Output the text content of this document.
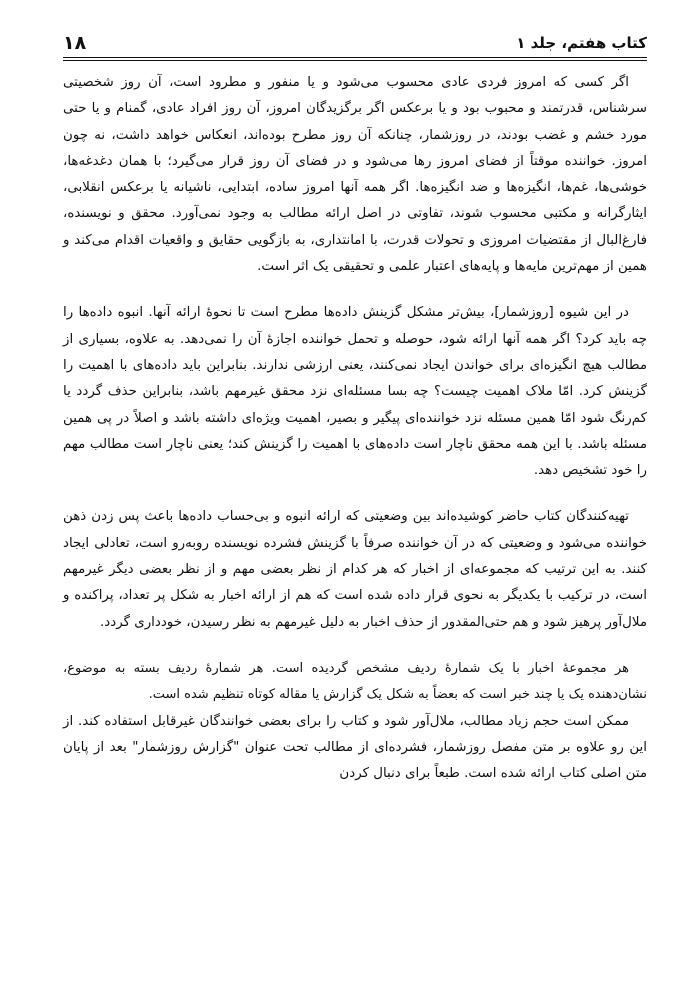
۱۸	کتاب هفتم، جلد ۱

اگر کسی که امروز فردی عادی محسوب می‌شود و یا منفور و مطرود است، آن روز شخصیتی سرشناس، قدرتمند و محبوب بود و یا برعکس اگر برگزیدگان امروز، آن روز افراد عادی، گمنام و یا حتی مورد خشم و غضب بودند، در روزشمار، چنانکه آن روز مطرح بوده‌اند، انعکاس خواهد داشت، نه چون امروز. خواننده موقتاً از فضای امروز رها می‌شود و در فضای آن روز قرار می‌گیرد؛ با همان دغدغه‌ها، خوشی‌ها، غم‌ها، انگیزه‌ها و ضد انگیزه‌ها. اگر همه آنها امروز ساده، ابتدایی، ناشیانه یا برعکس انقلابی، ایثارگرانه و مکتبی محسوب شوند، تفاوتی در اصل ارائه مطالب به وجود نمی‌آورد. محقق و نویسنده، فارغ‌البال از مقتضیات امروزی و تحولات قدرت، با امانتداری، به بازگویی حقایق و واقعیات اقدام می‌کند و همین از مهم‌ترین مایه‌ها و پایه‌های اعتبار علمی و تحقیقی یک اثر است.

در این شیوه [روزشمار]، بیش‌تر مشکل گزینش داده‌ها مطرح است تا نحوهٔ ارائه آنها. انبوه داده‌ها را چه باید کرد؟ اگر همه آنها ارائه شود، حوصله و تحمل خواننده اجازهٔ آن را نمی‌دهد. به علاوه، بسیاری از مطالب هیچ انگیزه‌ای برای خواندن ایجاد نمی‌کنند، یعنی ارزشی ندارند. بنابراین باید داده‌های با اهمیت را گزینش کرد. امّا ملاک اهمیت چیست؟ چه بسا مسئله‌ای نزد محقق غیرمهم باشد، بنابراین حذف گردد یا کم‌رنگ شود امّا همین مسئله نزد خواننده‌ای پیگیر و بصیر، اهمیت ویژه‌ای داشته باشد و اصلاً در پی همین مسئله باشد. با این همه محقق ناچار است داده‌های با اهمیت را گزینش کند؛ یعنی ناچار است مطالب مهم را خود تشخیص دهد.

تهیه‌کنندگان کتاب حاضر کوشیده‌اند بین وضعیتی که ارائه انبوه و بی‌حساب داده‌ها باعث پس زدن ذهن خواننده می‌شود و وضعیتی که در آن خواننده صرفاً با گزینش فشرده نویسنده روبه‌رو است، تعادلی ایجاد کنند. به این ترتیب که مجموعه‌ای از اخبار که هر کدام از نظر بعضی مهم و از نظر بعضی دیگر غیرمهم است، در ترکیب با یکدیگر به نحوی قرار داده شده است که هم از ارائه اخبار به شکل پر تعداد، پراکنده و ملال‌آور پرهیز شود و هم حتی‌المقدور از حذف اخبار به دلیل غیرمهم به نظر رسیدن، خودداری گردد.

هر مجموعهٔ اخبار با یک شمارهٔ ردیف مشخص گردیده است. هر شمارهٔ ردیف بسته به موضوع، نشان‌دهنده یک یا چند خبر است که بعضاً به شکل یک گزارش یا مقاله کوتاه تنظیم شده است.

ممکن است حجم زیاد مطالب، ملال‌آور شود و کتاب را برای بعضی خوانندگان غیرقابل استفاده کند. از این رو علاوه بر متن مفصل روزشمار، فشرده‌ای از مطالب تحت عنوان "گزارش روزشمار" بعد از پایان متن اصلی کتاب ارائه شده است. طبعاً برای دنبال کردن
